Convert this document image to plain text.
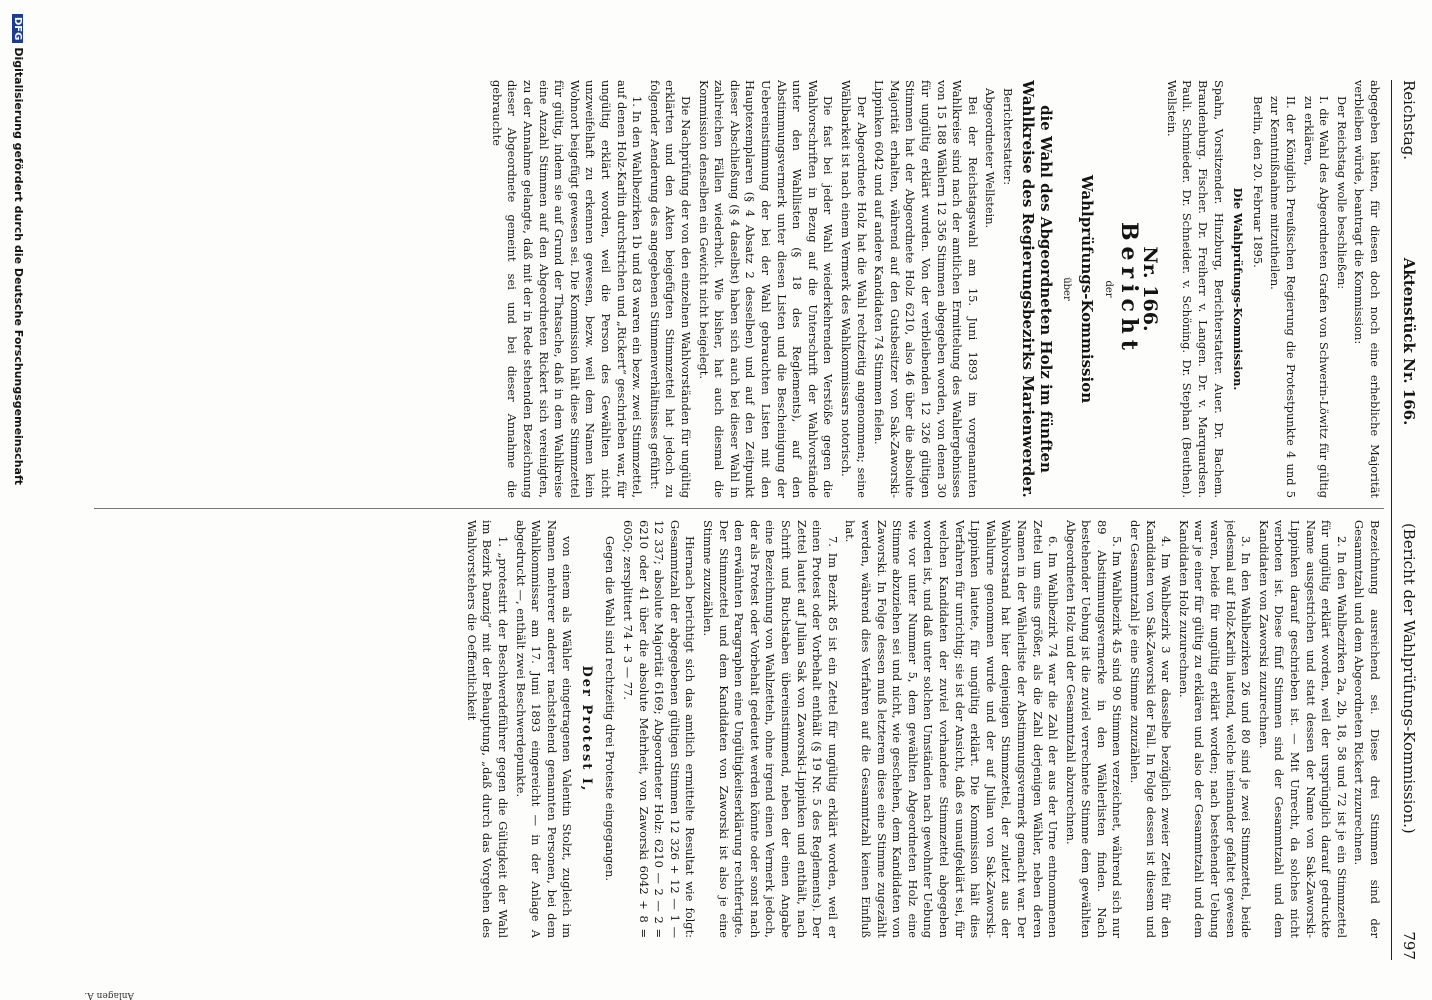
Reichstag.
Aktenstück Nr. 166.
(Bericht der Wahlprüfungs-Kommission.)
797

abgegeben hätten, für diesen doch noch eine erhebliche Majorität verbleiben würde, beantragt die Kommission:

Der Reichstag wolle beschließen:

I. die Wahl des Abgeordneten Grafen von Schwerin-Löwitz für gültig zu erklären,

II. der Königlich Preußischen Regierung die Protestpunkte 4 und 5 zur Kenntnißnahme mitzutheilen.

Berlin, den 20. Februar 1895.

Die Wahlprüfungs-Kommission.

Spahn, Vorsitzender. Hinzburg, Berichterstatter. Auer. Dr. Bachem. Brandenburg. Fischer. Dr. Freiherr v. Langen. Dr. v. Marquardsen. Pauli. Schmieder. Dr. Schneider. v. Schöning. Dr. Stephan (Beuthen). Wellstein.

Nr. 166.

Bericht

der

Wahlprüfungs-Kommission

über

die Wahl des Abgeordneten Holz im fünften Wahlkreise des Regierungsbezirks Marienwerder.

Berichterstatter:

Abgeordneter Wellstein.

Bei der Reichstagswahl am 15. Juni 1893 im vorgenannten Wahlkreise sind nach der amtlichen Ermittelung des Wahlergebnisses von 15 188 Wählern 12 356 Stimmen abgegeben worden, von denen 30 für ungültig erklärt wurden. Von der verbleibenden 12 326 gültigen Stimmen hat der Abgeordnete Holz 6210, also 46 über die absolute Majorität erhalten, während auf den Gutsbesitzer von Sak-Zaworski-Lippinken 6042 und auf andere Kandidaten 74 Stimmen fielen.

Der Abgeordnete Holz hat die Wahl rechtzeitig angenommen; seine Wählbarkeit ist nach einem Vermerk des Wahlkommissars notorisch.

Die fast bei jeder Wahl wiederkehrenden Verstöße gegen die Wahlvorschriften in Bezug auf die Unterschrift der Wahlvorstände unter den Wahllisten (§ 18 des Reglements), auf den Abstimmungsvermerk unter diesen Listen und die Bescheinigung der Uebereinstimmung der bei der Wahl gebrauchten Listen mit den Hauptexemplaren (§ 4 Absatz 2 desselben) und auf den Zeitpunkt dieser Abschließung (§ 4 daselbst) haben sich auch bei dieser Wahl in zahlreichen Fällen wiederholt. Wie bisher, hat auch diesmal die Kommission denselben ein Gewicht nicht beigelegt.

Die Nachprüfung der von den einzelnen Wahlvorständen für ungültig erklärten und den Akten beigefügten Stimmzettel hat jedoch zu folgender Aenderung des angegebenen Stimmenverhältnisses geführt:

1. In den Wahlbezirken 1b und 83 waren ein bezw. zwei Stimmzettel, auf denen Holz-Karlin durchstrichen und „Rickert“ geschrieben war, für ungültig erklärt worden, weil die Person des Gewählten nicht unzweifelhaft zu erkennen gewesen, bezw. weil dem Namen kein Wohnort beigefügt gewesen sei. Die Kommission hält diese Stimmzettel für gültig, indem sie auf Grund der Thatsache, daß in dem Wahlkreise eine Anzahl Stimmen auf den Abgeordneten Rickert sich vereinigten, zu der Annahme gelangte, daß mit der in Rede stehenden Bezeichnung dieser Abgeordnete gemeint sei und bei dieser Annahme die gebrauchte

Bezeichnung ausreichend sei. Diese drei Stimmen sind der Gesammtzahl und dem Abgeordneten Rickert zuzurechnen.

2. In den Wahlbezirken 2a, 2b, 18, 58 und 72 ist je ein Stimmzettel für ungültig erklärt worden, weil der ursprünglich darauf gedruckte Name ausgestrichen und statt dessen der Name von Sak-Zaworski-Lippinken darauf geschrieben ist. — Mit Unrecht, da solches nicht verboten ist. Diese fünf Stimmen sind der Gesammtzahl und dem Kandidaten von Zaworski zuzurechnen.

3. In den Wahlbezirken 26 und 80 sind je zwei Stimmzettel, beide jedesmal auf Holz-Karlin lautend, welche ineinander gefaltet gewesen waren, beide für ungültig erklärt worden; nach bestehender Uebung war je einer für gültig zu erklären und also der Gesammtzahl und dem Kandidaten Holz zuzurechnen.

4. Im Wahlbezirk 3 war dasselbe bezüglich zweier Zettel für den Kandidaten von Sak-Zaworski der Fall. In Folge dessen ist diesem und der Gesammtzahl je eine Stimme zuzuzählen.

5. Im Wahlbezirk 45 sind 90 Stimmen verzeichnet, während sich nur 89 Abstimmungsvermerke in den Wählerlisten finden. Nach bestehender Uebung ist die zuviel verrechnete Stimme dem gewählten Abgeordneten Holz und der Gesammtzahl abzurechnen.

6. Im Wahlbezirk 74 war die Zahl der aus der Urne entnommenen Zettel um eins größer, als die Zahl derjenigen Wähler, neben deren Namen in der Wählerliste der Abstimmungsvermerk gemacht war. Der Wahlvorstand hat hier denjenigen Stimmzettel, der zuletzt aus der Wahlurne genommen wurde und der auf Julian von Sak-Zaworski-Lippinken lautete, für ungültig erklärt. Die Kommission hält dies Verfahren für unrichtig; sie ist der Ansicht, daß es unaufgeklärt sei, für welchen Kandidaten der zuviel vorhandene Stimmzettel abgegeben worden ist, und daß unter solchen Umständen nach gewohnter Uebung wie vor unter Nummer 5, dem gewählten Abgeordneten Holz eine Stimme abzuziehen sei und nicht, wie geschehen, dem Kandidaten von Zaworski. In Folge dessen muß letzterem diese eine Stimme zugezählt werden, während dies Verfahren auf die Gesammtzahl keinen Einfluß hat.

7. Im Bezirk 85 ist ein Zettel für ungültig erklärt worden, weil er einen Protest oder Vorbehalt enthält (§ 19 Nr. 5 des Reglements). Der Zettel lautet auf Julian Sak von Zaworski-Lippinken und enthält, nach Schrift und Buchstaben übereinstimmend, neben der einen Angabe eine Bezeichnung von Wahlzetteln, ohne irgend einen Vermerk jedoch, der als Protest oder Vorbehalt gedeutet werden könnte oder sonst nach den erwähnten Paragraphen eine Ungültigkeitserklärung rechtfertigte. Der Stimmzettel und dem Kandidaten von Zaworski ist also je eine Stimme zuzuzählen.

Hiernach berichtigt sich das amtlich ermittelte Resultat wie folgt: Gesammtzahl der abgegebenen gültigen Stimmen 12 326 + 12 — 1 — 12 337; absolute Majorität 6169; Abgeordneter Holz: 6210 — 2 — 2 = 6210 oder 41 über die absolute Mehrheit, von Zaworski 6042 + 8 = 6050; zersplittert 74 + 3 — 77.

Gegen die Wahl sind rechtzeitig drei Proteste eingegangen.

Der Protest I,

von einem als Wähler eingetragenen Valentin Stolzt, zugleich im Namen mehrerer anderer nachstehend genannten Personen, bei dem Wahlkommissar am 17. Juni 1893 eingereicht — in der Anlage A abgedruckt —, enthält zwei Beschwerdepunkte.

1. „protestirt der Beschwerdeführer gegen die Gültigkeit der Wahl im Bezirk Danzig“ mit der Behauptung, „daß durch das Vorgehen des Wahlvorstehers die Oeffentlichkeit

Anlagen A.
DFGDigitalisierung gefördert durch die Deutsche Forschungsgemeinschaft
